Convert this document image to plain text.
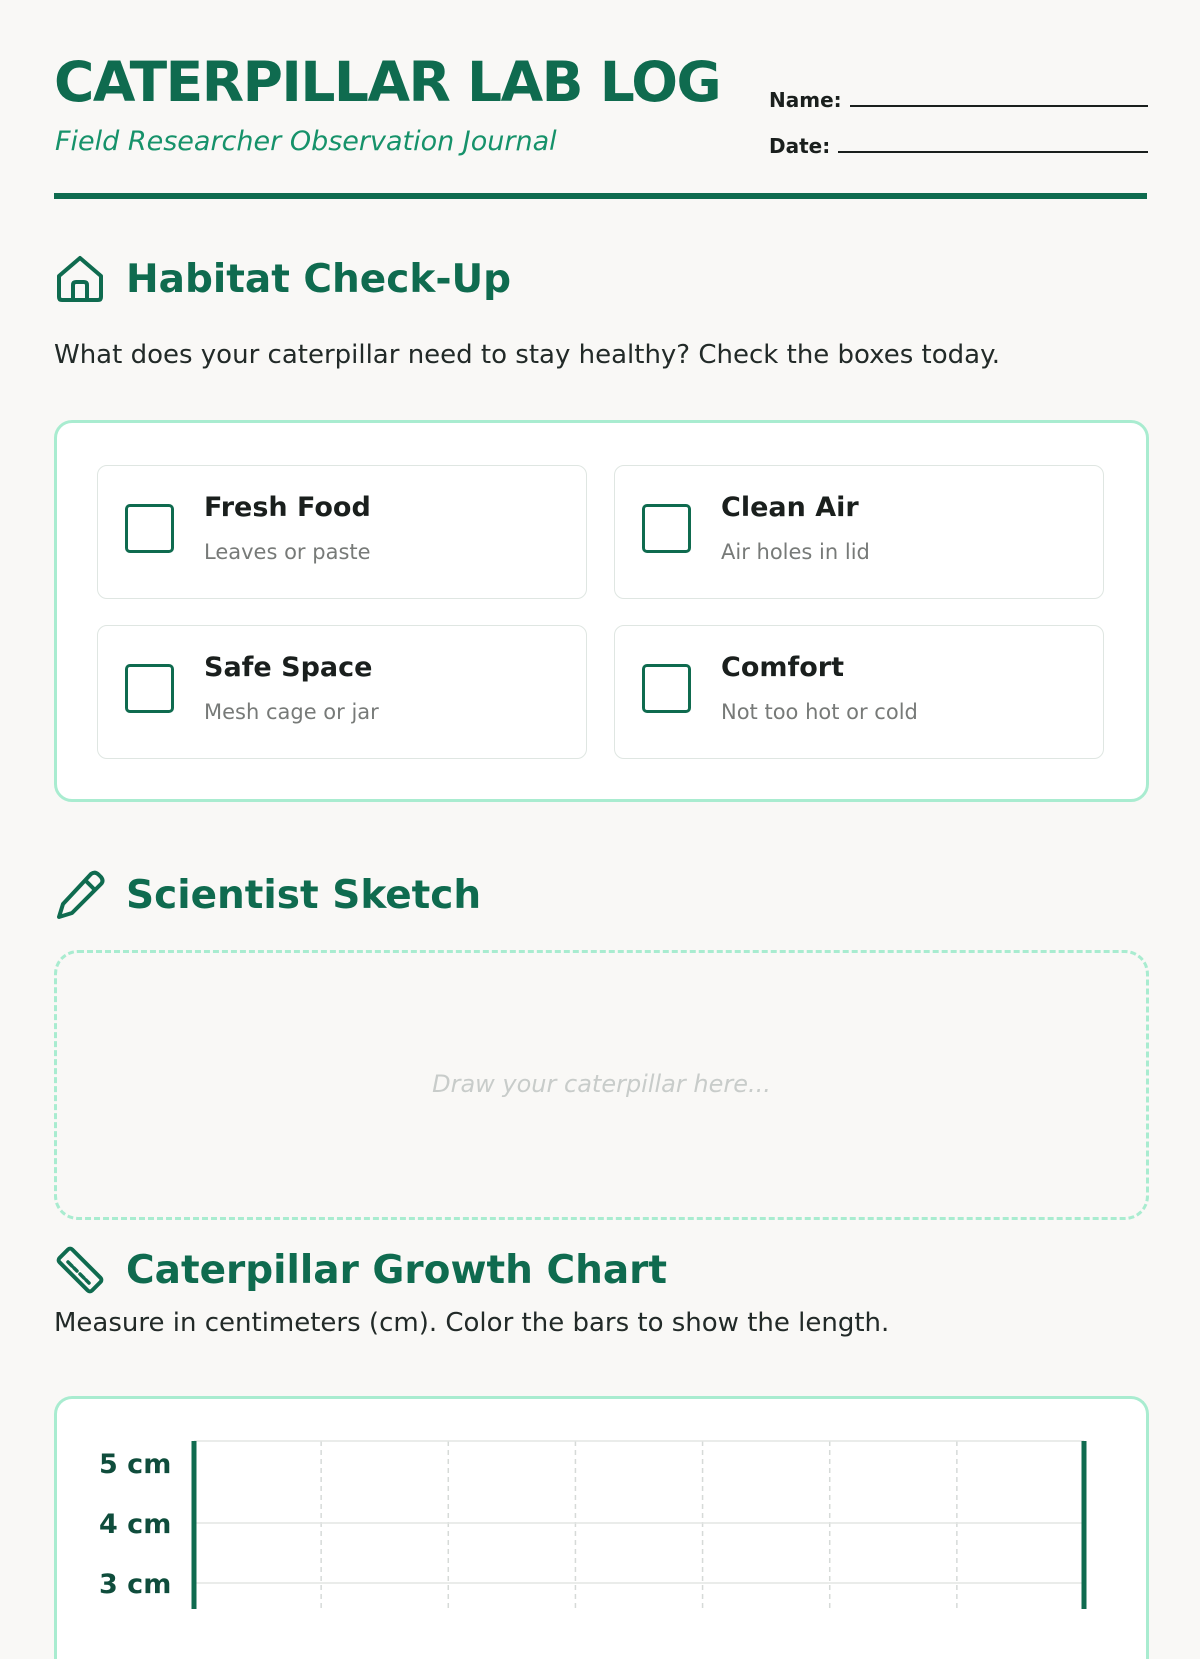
CATERPILLAR LAB LOG
Field Researcher Observation Journal
Name:
Date:
Habitat Check-Up
What does your caterpillar need to stay healthy? Check the boxes today.
Fresh Food
Leaves or paste
Clean Air
Air holes in lid
Safe Space
Mesh cage or jar
Comfort
Not too hot or cold
Scientist Sketch
Draw your caterpillar here...
Caterpillar Growth Chart
Measure in centimeters (cm). Color the bars to show the length.
5 cm
4 cm
3 cm
